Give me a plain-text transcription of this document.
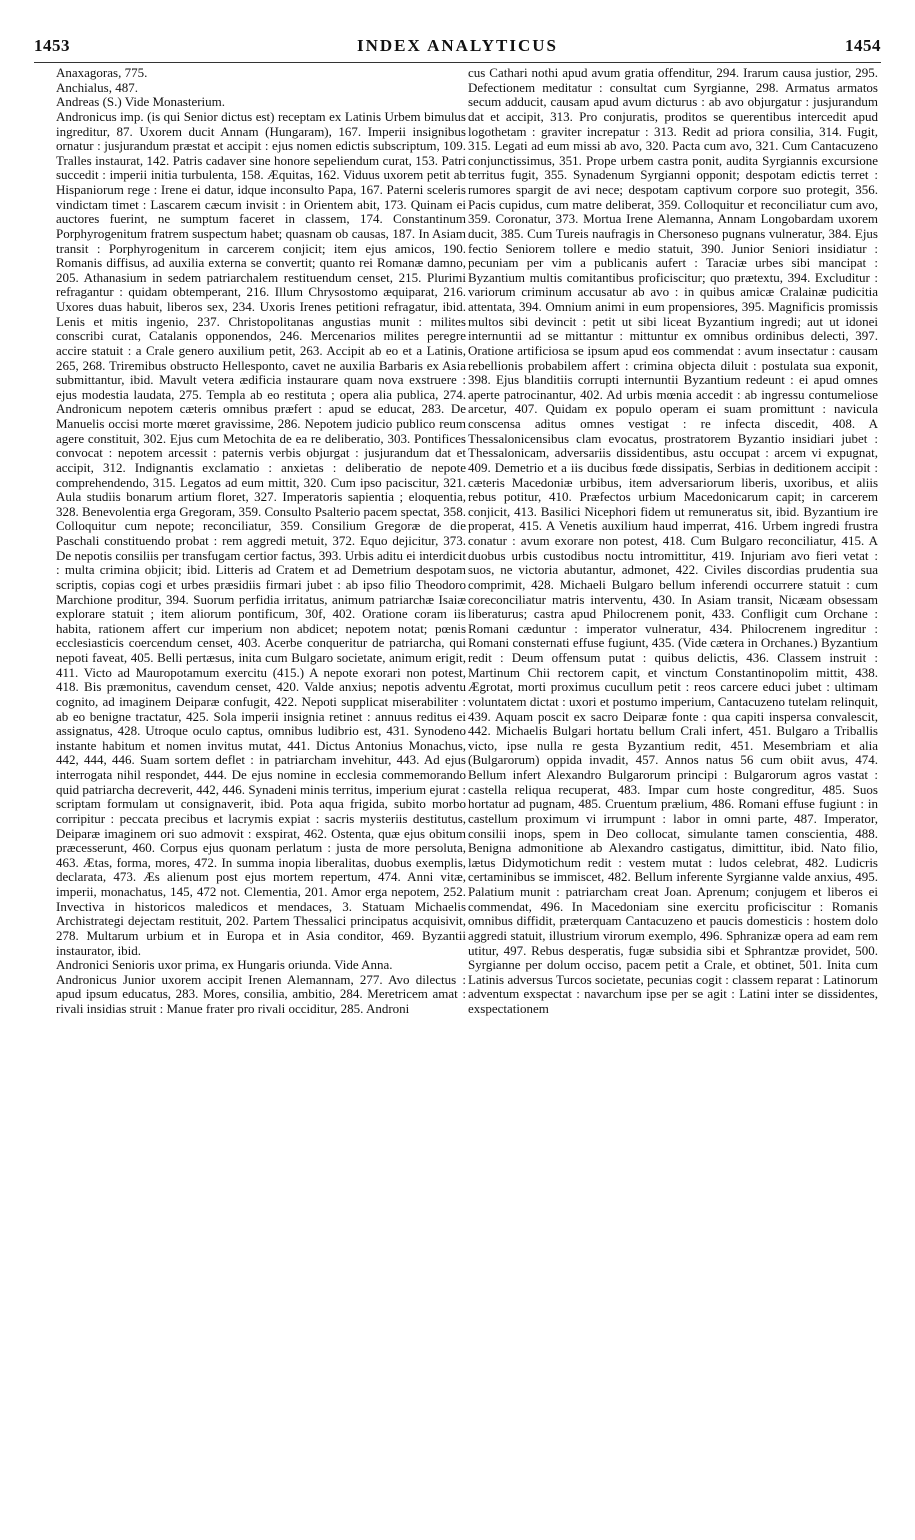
1453	INDEX ANALYTICUS	1454

Anaxagoras, 775.

Anchialus, 487.

Andreas (S.) Vide Monasterium.

Andronicus imp. (is qui Senior dictus est) receptam ex Latinis Urbem bimulus ingreditur, 87. Uxorem ducit Annam (Hungaram), 167. Imperii insignibus ornatur : jusjurandum præstat et accipit : ejus nomen edictis subscriptum, 109. Tralles instaurat, 142. Patris cadaver sine honore sepeliendum curat, 153. Patri succedit : imperii initia turbulenta, 158. Æquitas, 162. Viduus uxorem petit ab Hispaniorum rege : Irene ei datur, idque inconsulto Papa, 167. Paterni sceleris vindictam timet : Lascarem cæcum invisit : in Orientem abit, 173. Quinam ei auctores fuerint, ne sumptum faceret in classem, 174. Constantinum Porphyrogenitum fratrem suspectum habet; quasnam ob causas, 187. In Asiam transit : Porphyrogenitum in carcerem conjicit; item ejus amicos, 190. Romanis diffisus, ad auxilia externa se convertit; quanto rei Romanæ damno, 205. Athanasium in sedem patriarchalem restituendum censet, 215. Plurimi refragantur : quidam obtemperant, 216. Illum Chrysostomo æquiparat, 216. Uxores duas habuit, liberos sex, 234. Uxoris Irenes petitioni refragatur, ibid. Lenis et mitis ingenio, 237. Christopolitanas angustias munit : milites conscribi curat, Catalanis opponendos, 246. Mercenarios milites peregre accire statuit : a Crale genero auxilium petit, 263. Accipit ab eo et a Latinis, 265, 268. Triremibus obstructo Hellesponto, cavet ne auxilia Barbaris ex Asia submittantur, ibid. Mavult vetera ædificia instaurare quam nova exstruere : ejus modestia laudata, 275. Templa ab eo restituta ; opera alia publica, 274. Andronicum nepotem cæteris omnibus præfert : apud se educat, 283. De Manuelis occisi morte mœret gravissime, 286. Nepotem judicio publico reum agere constituit, 302. Ejus cum Metochita de ea re deliberatio, 303. Pontifices convocat : nepotem arcessit : paternis verbis objurgat : jusjurandum dat et accipit, 312. Indignantis exclamatio : anxietas : deliberatio de nepote comprehendendo, 315. Legatos ad eum mittit, 320. Cum ipso paciscitur, 321. Aula studiis bonarum artium floret, 327. Imperatoris sapientia ; eloquentia, 328. Benevolentia erga Gregoram, 359. Consulto Psalterio pacem spectat, 358. Colloquitur cum nepote; reconciliatur, 359. Consilium Gregoræ de die Paschali constituendo probat : rem aggredi metuit, 372. Equo dejicitur, 373. De nepotis consiliis per transfugam certior factus, 393. Urbis aditu ei interdicit : multa crimina objicit; ibid. Litteris ad Cratem et ad Demetrium despotam scriptis, copias cogi et urbes præsidiis firmari jubet : ab ipso filio Theodoro Marchione proditur, 394. Suorum perfidia irritatus, animum patriarchæ Isaiæ explorare statuit ; item aliorum pontificum, 30f, 402. Oratione coram iis habita, rationem affert cur imperium non abdicet; nepotem notat; pœnis ecclesiasticis coercendum censet, 403. Acerbe conqueritur de patriarcha, qui nepoti faveat, 405. Belli pertæsus, inita cum Bulgaro societate, animum erigit, 411. Victo ad Mauropotamum exercitu (415.) A nepote exorari non potest, 418. Bis præmonitus, cavendum censet, 420. Valde anxius; nepotis adventu cognito, ad imaginem Deiparæ confugit, 422. Nepoti supplicat miserabiliter : ab eo benigne tractatur, 425. Sola imperii insignia retinet : annuus reditus ei assignatus, 428. Utroque oculo captus, omnibus ludibrio est, 431. Synodeno instante habitum et nomen invitus mutat, 441. Dictus Antonius Monachus, 442, 444, 446. Suam sortem deflet : in patriarcham invehitur, 443. Ad ejus interrogata nihil respondet, 444. De ejus nomine in ecclesia commemorando quid patriarcha decreverit, 442, 446. Synadeni minis territus, imperium ejurat : scriptam formulam ut consignaverit, ibid. Pota aqua frigida, subito morbo corripitur : peccata precibus et lacrymis expiat : sacris mysteriis destitutus, Deiparæ imaginem ori suo admovit : exspirat, 462. Ostenta, quæ ejus obitum præcesserunt, 460. Corpus ejus quonam perlatum : justa de more persoluta, 463. Ætas, forma, mores, 472. In summa inopia liberalitas, duobus exemplis, declarata, 473. Æs alienum post ejus mortem repertum, 474. Anni vitæ, imperii, monachatus, 145, 472 not. Clementia, 201. Amor erga nepotem, 252. Invectiva in historicos maledicos et mendaces, 3. Statuam Michaelis Archistrategi dejectam restituit, 202. Partem Thessalici principatus acquisivit, 278. Multarum urbium et in Europa et in Asia conditor, 469. Byzantii instaurator, ibid.

Andronici Senioris uxor prima, ex Hungaris oriunda. Vide Anna.

Andronicus Junior uxorem accipit Irenen Alemannam, 277. Avo dilectus : apud ipsum educatus, 283. Mores, consilia, ambitio, 284. Meretricem amat : rivali insidias struit : Manue frater pro rivali occiditur, 285. Androni

cus Cathari nothi apud avum gratia offenditur, 294. Irarum causa justior, 295. Defectionem meditatur : consultat cum Syrgianne, 298. Armatus armatos secum adducit, causam apud avum dicturus : ab avo objurgatur : jusjurandum dat et accipit, 313. Pro conjuratis, proditos se querentibus intercedit apud logothetam : graviter increpatur : 313. Redit ad priora consilia, 314. Fugit, 315. Legati ad eum missi ab avo, 320. Pacta cum avo, 321. Cum Cantacuzeno conjunctissimus, 351. Prope urbem castra ponit, audita Syrgiannis excursione territus fugit, 355. Synadenum Syrgianni opponit; despotam edictis terret : rumores spargit de avi nece; despotam captivum corpore suo protegit, 356. Pacis cupidus, cum matre deliberat, 359. Colloquitur et reconciliatur cum avo, 359. Coronatur, 373. Mortua Irene Alemanna, Annam Longobardam uxorem ducit, 385. Cum Tureis naufragis in Chersoneso pugnans vulneratur, 384. Ejus fectio Seniorem tollere e medio statuit, 390. Junior Seniori insidiatur : pecuniam per vim a publicanis aufert : Taraciæ urbes sibi mancipat : Byzantium multis comitantibus proficiscitur; quo prætextu, 394. Excluditur : variorum criminum accusatur ab avo : in quibus amicæ Cralainæ pudicitia attentata, 394. Omnium animi in eum propensiores, 395. Magnificis promissis multos sibi devincit : petit ut sibi liceat Byzantium ingredi; aut ut idonei internuntii ad se mittantur : mittuntur ex omnibus ordinibus delecti, 397. Oratione artificiosa se ipsum apud eos commendat : avum insectatur : causam rebellionis probabilem affert : crimina objecta diluit : postulata sua exponit, 398. Ejus blanditiis corrupti internuntii Byzantium redeunt : ei apud omnes aperte patrocinantur, 402. Ad urbis mœnia accedit : ab ingressu contumeliose arcetur, 407. Quidam ex populo operam ei suam promittunt : navicula conscensa aditus omnes vestigat : re infecta discedit, 408. A Thessalonicensibus clam evocatus, prostratorem Byzantio insidiari jubet : Thessalonicam, adversariis dissidentibus, astu occupat : arcem vi expugnat, 409. Demetrio et a iis ducibus fœde dissipatis, Serbias in deditionem accipit : cæteris Macedoniæ urbibus, item adversariorum liberis, uxoribus, et aliis rebus potitur, 410. Præfectos urbium Macedonicarum capit; in carcerem conjicit, 413. Basilici Nicephori fidem ut remuneratus sit, ibid. Byzantium ire properat, 415. A Venetis auxilium haud imperrat, 416. Urbem ingredi frustra conatur : avum exorare non potest, 418. Cum Bulgaro reconciliatur, 415. A duobus urbis custodibus noctu intromittitur, 419. Injuriam avo fieri vetat : suos, ne victoria abutantur, admonet, 422. Civiles discordias prudentia sua comprimit, 428. Michaeli Bulgaro bellum inferendi occurrere statuit : cum coreconciliatur matris interventu, 430. In Asiam transit, Nicæam obsessam liberaturus; castra apud Philocrenem ponit, 433. Confligit cum Orchane : Romani cæduntur : imperator vulneratur, 434. Philocrenem ingreditur : Romani consternati effuse fugiunt, 435. (Vide cætera in Orchanes.) Byzantium redit : Deum offensum putat : quibus delictis, 436. Classem instruit : Martinum Chii rectorem capit, et vinctum Constantinopolim mittit, 438. Ægrotat, morti proximus cucullum petit : reos carcere educi jubet : ultimam voluntatem dictat : uxori et postumo imperium, Cantacuzeno tutelam relinquit, 439. Aquam poscit ex sacro Deiparæ fonte : qua capiti inspersa convalescit, 442. Michaelis Bulgari hortatu bellum Crali infert, 451. Bulgaro a Triballis victo, ipse nulla re gesta Byzantium redit, 451. Mesembriam et alia (Bulgarorum) oppida invadit, 457. Annos natus 56 cum obiit avus, 474. Bellum infert Alexandro Bulgarorum principi : Bulgarorum agros vastat : castella reliqua recuperat, 483. Impar cum hoste congreditur, 485. Suos hortatur ad pugnam, 485. Cruentum prælium, 486. Romani effuse fugiunt : in castellum proximum vi irrumpunt : labor in omni parte, 487. Imperator, consilii inops, spem in Deo collocat, simulante tamen conscientia, 488. Benigna admonitione ab Alexandro castigatus, dimittitur, ibid. Nato filio, lætus Didymotichum redit : vestem mutat : ludos celebrat, 482. Ludicris certaminibus se immiscet, 482. Bellum inferente Syrgianne valde anxius, 495. Palatium munit : patriarcham creat Joan. Aprenum; conjugem et liberos ei commendat, 496. In Macedoniam sine exercitu proficiscitur : Romanis omnibus diffidit, præterquam Cantacuzeno et paucis domesticis : hostem dolo aggredi statuit, illustrium virorum exemplo, 496. Sphranizæ opera ad eam rem utitur, 497. Rebus desperatis, fugæ subsidia sibi et Sphrantzæ providet, 500. Syrgianne per dolum occiso, pacem petit a Crale, et obtinet, 501. Inita cum Latinis adversus Turcos societate, pecunias cogit : classem reparat : Latinorum adventum exspectat : navarchum ipse per se agit : Latini inter se dissidentes, exspectationem
